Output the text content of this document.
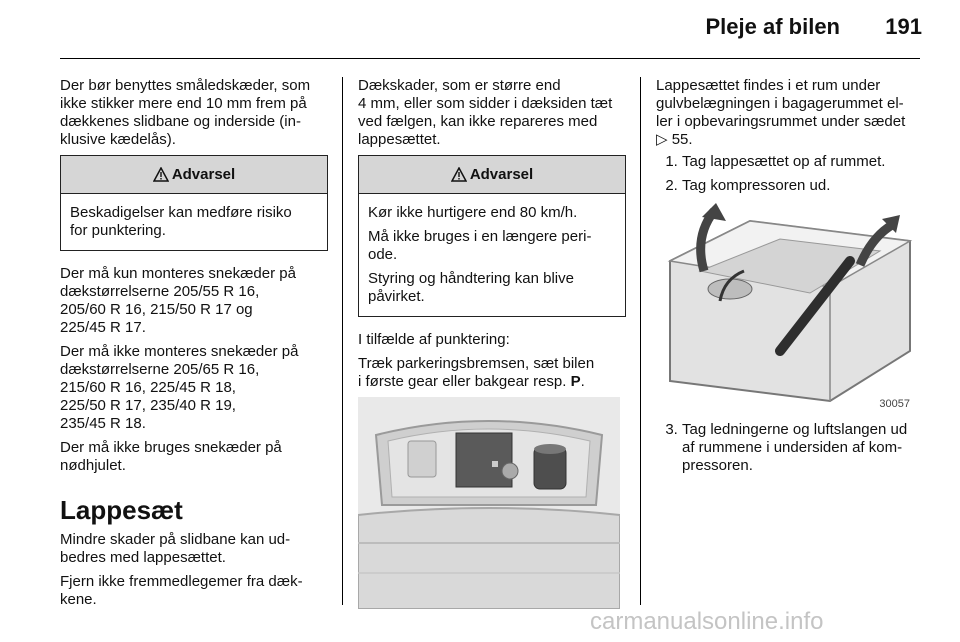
Pleje af bilen 191

Der bør benyttes småledskæder, som
ikke stikker mere end 10 mm frem på
dækkenes slidbane og inderside (in-
klusive kædelås).

Advarsel

Beskadigelser kan medføre risiko
for punktering.

Der må kun monteres snekæder på
dækstørrelserne 205/55 R 16,
205/60 R 16, 215/50 R 17 og
225/45 R 17.

Der må ikke monteres snekæder på
dækstørrelserne 205/65 R 16,
215/60 R 16, 225/45 R 18,
225/50 R 17, 235/40 R 19,
235/45 R 18.

Der må ikke bruges snekæder på
nødhjulet.

Lappesæt

Mindre skader på slidbane kan ud-
bedres med lappesættet.

Fjern ikke fremmedlegemer fra dæk-
kene.

Dækskader, som er større end
4 mm, eller som sidder i dæksiden tæt
ved fælgen, kan ikke repareres med
lappesættet.

Advarsel

Kør ikke hurtigere end 80 km/h.

Må ikke bruges i en længere peri-
ode.

Styring og håndtering kan blive
påvirket.

I tilfælde af punktering:

Træk parkeringsbremsen, sæt bilen
i første gear eller bakgear resp. P.

Lappesættet findes i et rum under
gulvbelægningen i bagagerummet el-
ler i opbevaringsrummet under sædet
▷ 55.

1. Tag lappesættet op af rummet.
2. Tag kompressoren ud.
30057
3. Tag ledningerne og luftslangen ud
af rummene i undersiden af kom-
pressoren.
carmanualsonline.info
